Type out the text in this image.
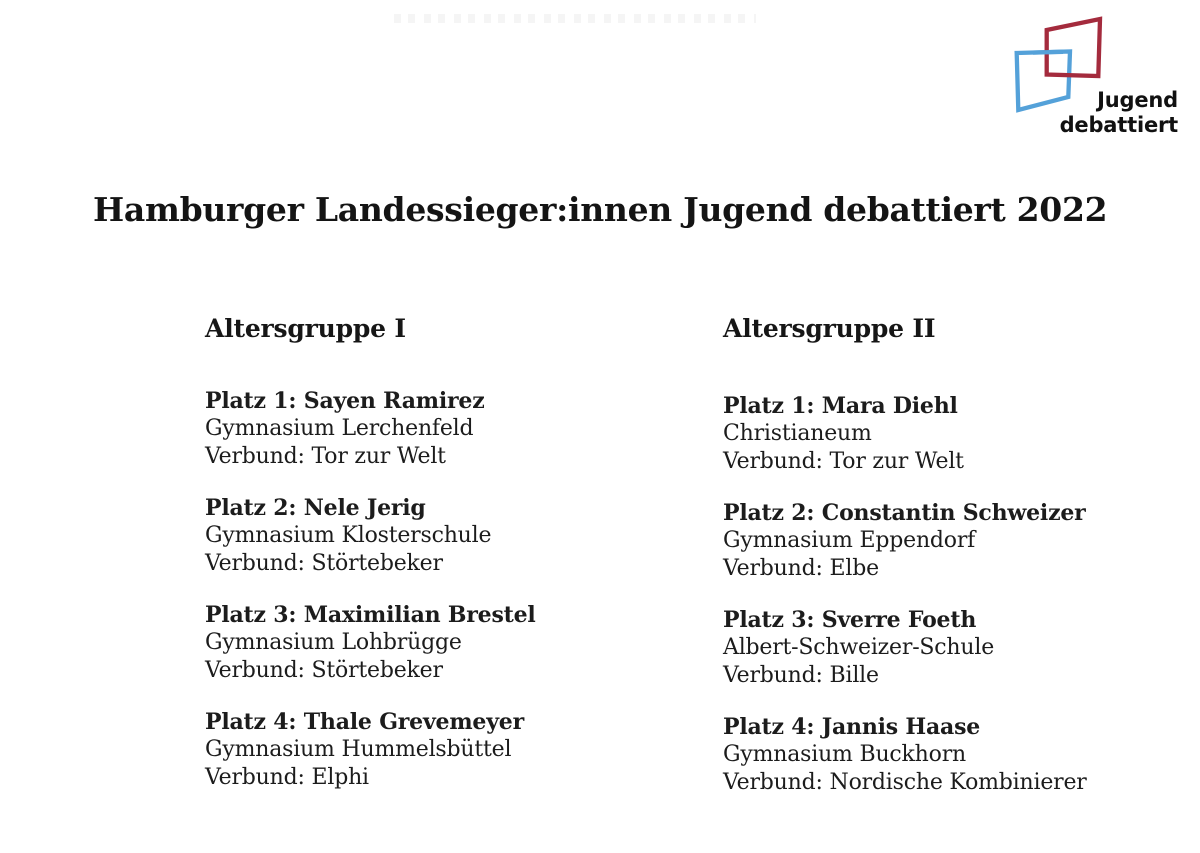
Jugend
debattiert
Hamburger Landessieger:innen Jugend debattiert 2022
Altersgruppe I
Platz 1: Sayen Ramirez
Gymnasium Lerchenfeld
Verbund: Tor zur Welt
Platz 2: Nele Jerig
Gymnasium Klosterschule
Verbund: Störtebeker
Platz 3: Maximilian Brestel
Gymnasium Lohbrügge
Verbund: Störtebeker
Platz 4: Thale Grevemeyer
Gymnasium Hummelsbüttel
Verbund: Elphi
Altersgruppe II
Platz 1: Mara Diehl
Christianeum
Verbund: Tor zur Welt
Platz 2: Constantin Schweizer
Gymnasium Eppendorf
Verbund: Elbe
Platz 3: Sverre Foeth
Albert-Schweizer-Schule
Verbund: Bille
Platz 4: Jannis Haase
Gymnasium Buckhorn
Verbund: Nordische Kombinierer
